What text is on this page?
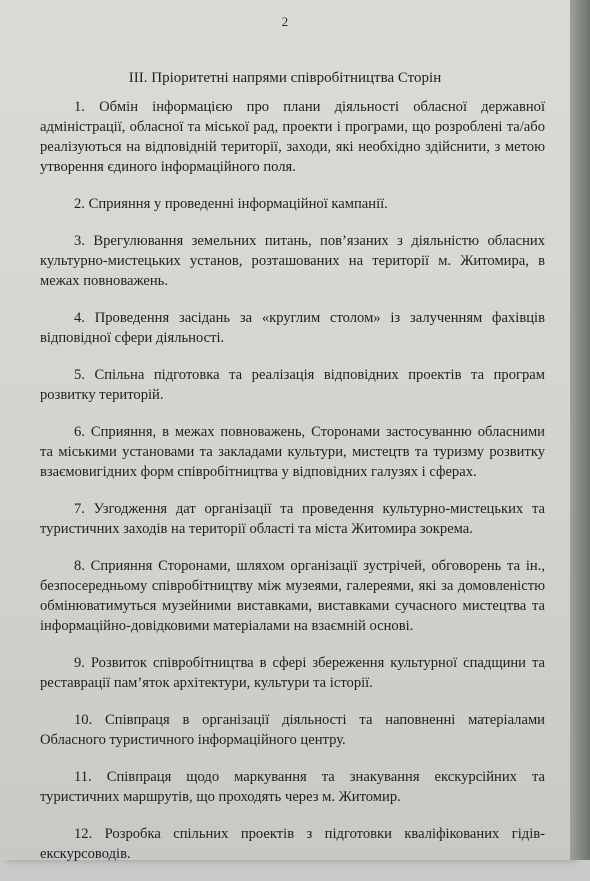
2
III. Пріоритетні напрями співробітництва Сторін

1. Обмін інформацією про плани діяльності обласної державної адміністрації, обласної та міської рад, проекти і програми, що розроблені та/або реалізуються на відповідній території, заходи, які необхідно здійснити, з метою утворення єдиного інформаційного поля.

2. Сприяння у проведенні інформаційної кампанії.

3. Врегулювання земельних питань, пов’язаних з діяльністю обласних культурно-мистецьких установ, розташованих на території м. Житомира, в межах повноважень.

4. Проведення засідань за «круглим столом» із залученням фахівців відповідної сфери діяльності.

5. Спільна підготовка та реалізація відповідних проектів та програм розвитку територій.

6. Сприяння, в межах повноважень, Сторонами застосуванню обласними та міськими установами та закладами культури, мистецтв та туризму розвитку взаємовигідних форм співробітництва у відповідних галузях і сферах.

7. Узгодження дат організації та проведення культурно-мистецьких та туристичних заходів на території області та міста Житомира зокрема.

8. Сприяння Сторонами, шляхом організації зустрічей, обговорень та ін., безпосередньому співробітництву між музеями, галереями, які за домовленістю обмінюватимуться музейними виставками, виставками сучасного мистецтва та інформаційно-довідковими матеріалами на взаємній основі.

9. Розвиток співробітництва в сфері збереження культурної спадщини та реставрації пам’яток архітектури, культури та історії.

10. Співпраця в організації діяльності та наповненні матеріалами Обласного туристичного інформаційного центру.

11. Співпраця щодо маркування та знакування екскурсійних та туристичних маршрутів, що проходять через м. Житомир.

12. Розробка спільних проектів з підготовки кваліфікованих гідів-екскурсоводів.
